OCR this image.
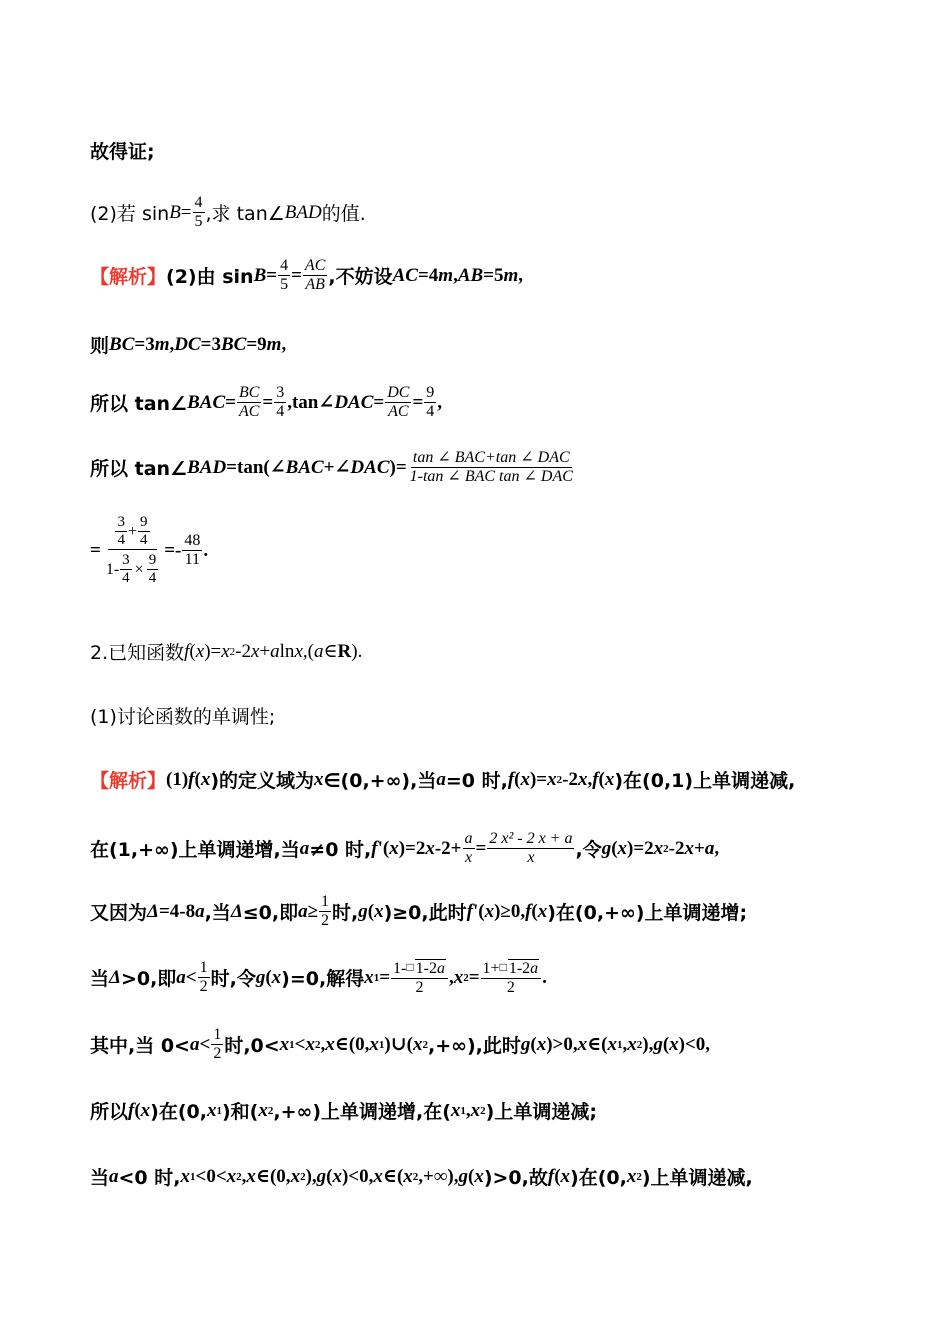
故得证;
(2)若 $\sin B = \frac{4}{5}$ ,求 tan∠ BAD 的值.
【解析】 (2)由 $\sin B = \frac{4}{5} = \frac{AC}{AB}$ ,不妨设 AC =4 m , AB =5 m ,
则 BC =3 m , DC =3 BC =9 m ,
所以 tan∠ BAC = $\frac{BC}{AC} = \frac{3}{4}$ ,tan∠ DAC = $\frac{DC}{AC} = \frac{9}{4}$ ,
所以 tan∠ BAD =tan(∠ BAC +∠ DAC )= $\frac{\text{tan ∠ BAC+tan ∠ DAC}}{\text{1-tan ∠ BAC tan ∠ DAC}}$
= $\frac{\frac{3}{4} + \frac{9}{4}}{1- \frac{3}{4} \times \frac{9}{4}} =- \frac{48}{11}$ .
2.已知函数 f ( x )= x 2 -2 x + a ln x ,( a ∈ R ).
(1)讨论函数的单调性;
【解析】 (1) f ( x )的定义域为 x ∈(0,+∞),当 a =0 时, f ( x )= x 2 -2 x , f ( x )在(0,1)上单调递减,
在(1,+∞)上单调递增,当 a ≠0 时, f '( x )=2 x $-2+ \frac{a}{x} = \frac{\text{2 x² - 2 x + a}}{x}$ ,令 g ( x )=2 x 2 -2 x + a ,
又因为 Δ =4-8 a ,当 Δ ≤0,即 $a \ge \frac{1}{2}$ 时, g ( x )≥0,此时 f '( x )≥0, f ( x )在(0,+∞)上单调递增;
当 Δ >0,即 $a < \frac{1}{2}$ 时,令 g ( x )=0,解得 x $1 = \frac{1-□ 1-2a}{2}$ , x $2 = \frac{1+□ 1-2a}{2}$ .
其中,当 $0< a < \frac{1}{2}$ 时,0< x 1 < x 2 , x ∈(0, x 1 )∪( x 2 ,+∞),此时 g ( x )>0, x ∈( x 1 , x 2 ), g ( x )<0,
所以 f ( x )在(0, x 1 )和( x 2 ,+∞)上单调递增,在( x 1 , x 2 )上单调递减;
当 a <0 时, x 1 <0< x 2 , x ∈(0, x 2 ), g ( x )<0, x ∈( x 2 ,+∞), g ( x )>0,故 f ( x )在(0, x 2 )上单调递减,
